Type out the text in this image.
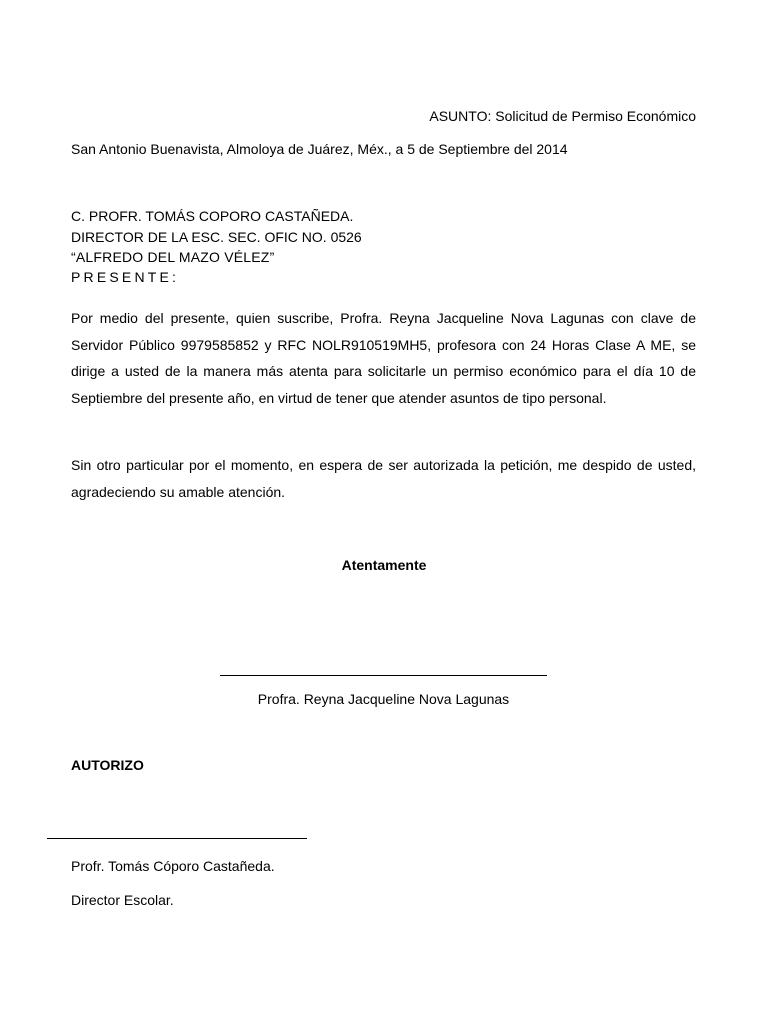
ASUNTO: Solicitud de Permiso Económico

San Antonio Buenavista, Almoloya de Juárez, Méx., a 5 de Septiembre del 2014

C. PROFR. TOMÁS COPORO CASTAÑEDA.

DIRECTOR DE LA ESC. SEC. OFIC NO. 0526

“ALFREDO DEL MAZO VÉLEZ”

PRESENTE:

Por medio del presente, quien suscribe, Profra. Reyna Jacqueline Nova Lagunas con clave de Servidor Público 9979585852 y RFC NOLR910519MH5, profesora con 24 Horas Clase A ME, se dirige a usted de la manera más atenta para solicitarle un permiso económico para el día 10 de Septiembre del presente año, en virtud de tener que atender asuntos de tipo personal.

Sin otro particular por el momento, en espera de ser autorizada la petición, me despido de usted, agradeciendo su amable atención.

Atentamente

Profra. Reyna Jacqueline Nova Lagunas

AUTORIZO

Profr. Tomás Cóporo Castañeda.

Director Escolar.
